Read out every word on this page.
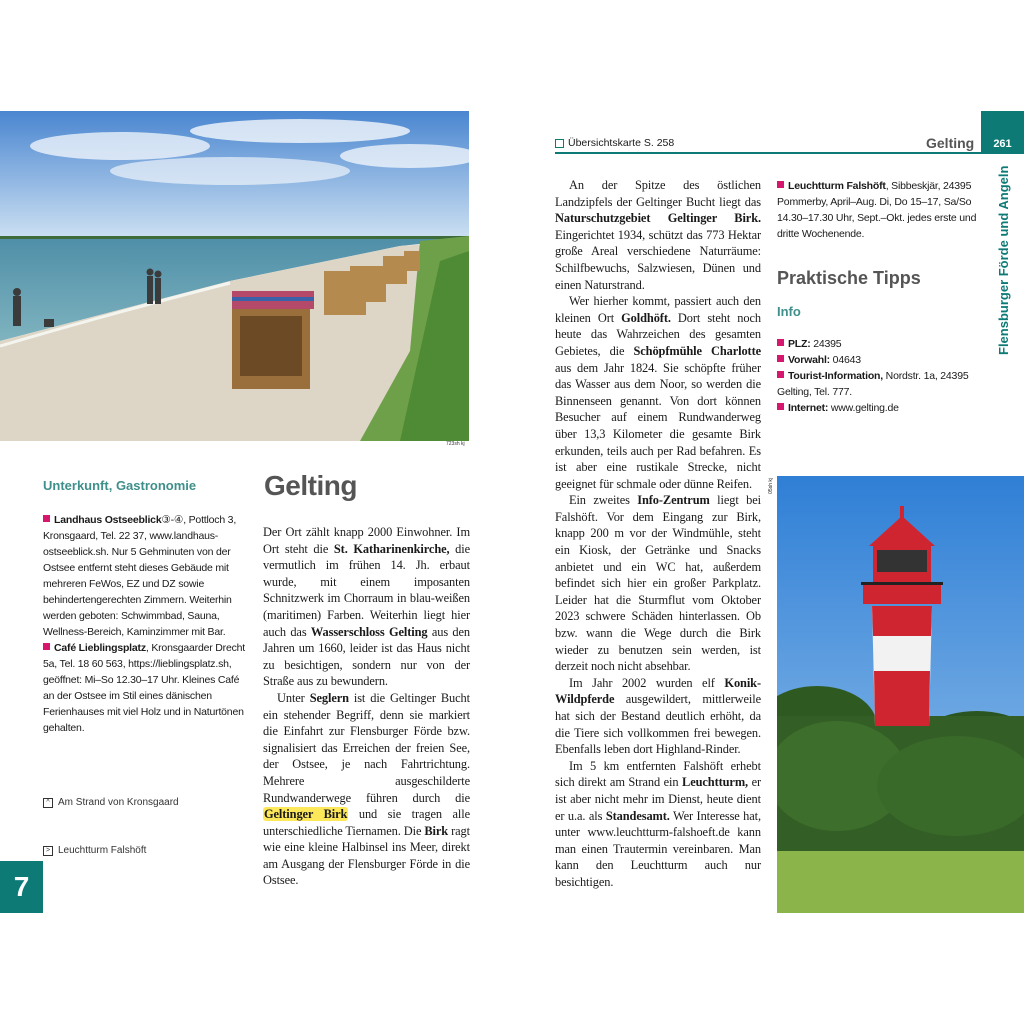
723sh kj
Unterkunft, Gastronomie

Landhaus Ostseeblick③-④, Pottloch 3, Kronsgaard, Tel. 22 37, www.landhaus-ostseeblick.sh. Nur 5 Gehminuten von der Ostsee entfernt steht dieses Gebäude mit mehreren FeWos, EZ und DZ sowie behindertengerechten Zimmern. Weiterhin werden geboten: Schwimmbad, Sauna, Wellness-Bereich, Kaminzimmer mit Bar.

Café Lieblingsplatz, Kronsgaarder Drecht 5a, Tel. 18 60 563, https://lieblingsplatz.sh, geöffnet: Mi–So 12.30–17 Uhr. Kleines Café an der Ostsee im Stil eines dänischen Ferienhauses mit viel Holz und in Naturtönen gehalten.

^ Am Strand von Kronsgaard
> Leuchtturm Falshöft
Gelting

Der Ort zählt knapp 2000 Einwohner. Im Ort steht die St. Katharinenkirche, die vermutlich im frühen 14. Jh. erbaut wurde, mit einem imposanten Schnitzwerk im Chorraum in blau-weißen (maritimen) Farben. Weiterhin liegt hier auch das Wasserschloss Gelting aus den Jahren um 1660, leider ist das Haus nicht zu besichtigen, sondern nur von der Straße aus zu bewundern.

Unter Seglern ist die Geltinger Bucht ein stehender Begriff, denn sie markiert die Einfahrt zur Flensburger Förde bzw. signalisiert das Erreichen der freien See, der Ostsee, je nach Fahrtrichtung. Mehrere ausgeschilderte Rundwanderwege führen durch die Geltinger Birk und sie tragen alle unterschiedliche Tiernamen. Die Birk ragt wie eine kleine Halbinsel ins Meer, direkt am Ausgang der Flensburger Förde in die Ostsee.

7
Übersichtskarte S. 258	Gelting	261
Flensburger Förde und Angeln

An der Spitze des östlichen Landzipfels der Geltinger Bucht liegt das Naturschutzgebiet Geltinger Birk. Eingerichtet 1934, schützt das 773 Hektar große Areal verschiedene Naturräume: Schilfbewuchs, Salzwiesen, Dünen und einen Naturstrand.

Wer hierher kommt, passiert auch den kleinen Ort Goldhöft. Dort steht noch heute das Wahrzeichen des gesamten Gebietes, die Schöpfmühle Charlotte aus dem Jahr 1824. Sie schöpfte früher das Wasser aus dem Noor, so werden die Binnenseen genannt. Von dort können Besucher auf einem Rundwanderweg über 13,3 Kilometer die gesamte Birk erkunden, teils auch per Rad befahren. Es ist aber eine rustikale Strecke, nicht geeignet für schmale oder dünne Reifen.

Ein zweites Info-Zentrum liegt bei Falshöft. Vor dem Eingang zur Birk, knapp 200 m vor der Windmühle, steht ein Kiosk, der Getränke und Snacks anbietet und ein WC hat, außerdem befindet sich hier ein großer Parkplatz. Leider hat die Sturmflut vom Oktober 2023 schwere Schäden hinterlassen. Ob bzw. wann die Wege durch die Birk wieder zu benutzen sein werden, ist derzeit noch nicht absehbar.

Im Jahr 2002 wurden elf Konik-Wildpferde ausgewildert, mittlerweile hat sich der Bestand deutlich erhöht, da die Tiere sich vollkommen frei bewegen. Ebenfalls leben dort Highland-Rinder.

Im 5 km entfernten Falshöft erhebt sich direkt am Strand ein Leuchtturm, er ist aber nicht mehr im Dienst, heute dient er u.a. als Standesamt. Wer Interesse hat, unter www.leuchtturm-falshoeft.de kann man einen Trautermin vereinbaren. Man kann den Leuchtturm auch nur besichtigen.

Leuchtturm Falshöft, Sibbeskjär, 24395 Pommerby, April–Aug. Di, Do 15–17, Sa/So 14.30–17.30 Uhr, Sept.–Okt. jedes erste und dritte Wochenende.
Praktische Tipps
Info
PLZ: 24395
Vorwahl: 04643
Tourist-Information, Nordstr. 1a, 24395 Gelting, Tel. 777.
Internet: www.gelting.de
05sh kj
